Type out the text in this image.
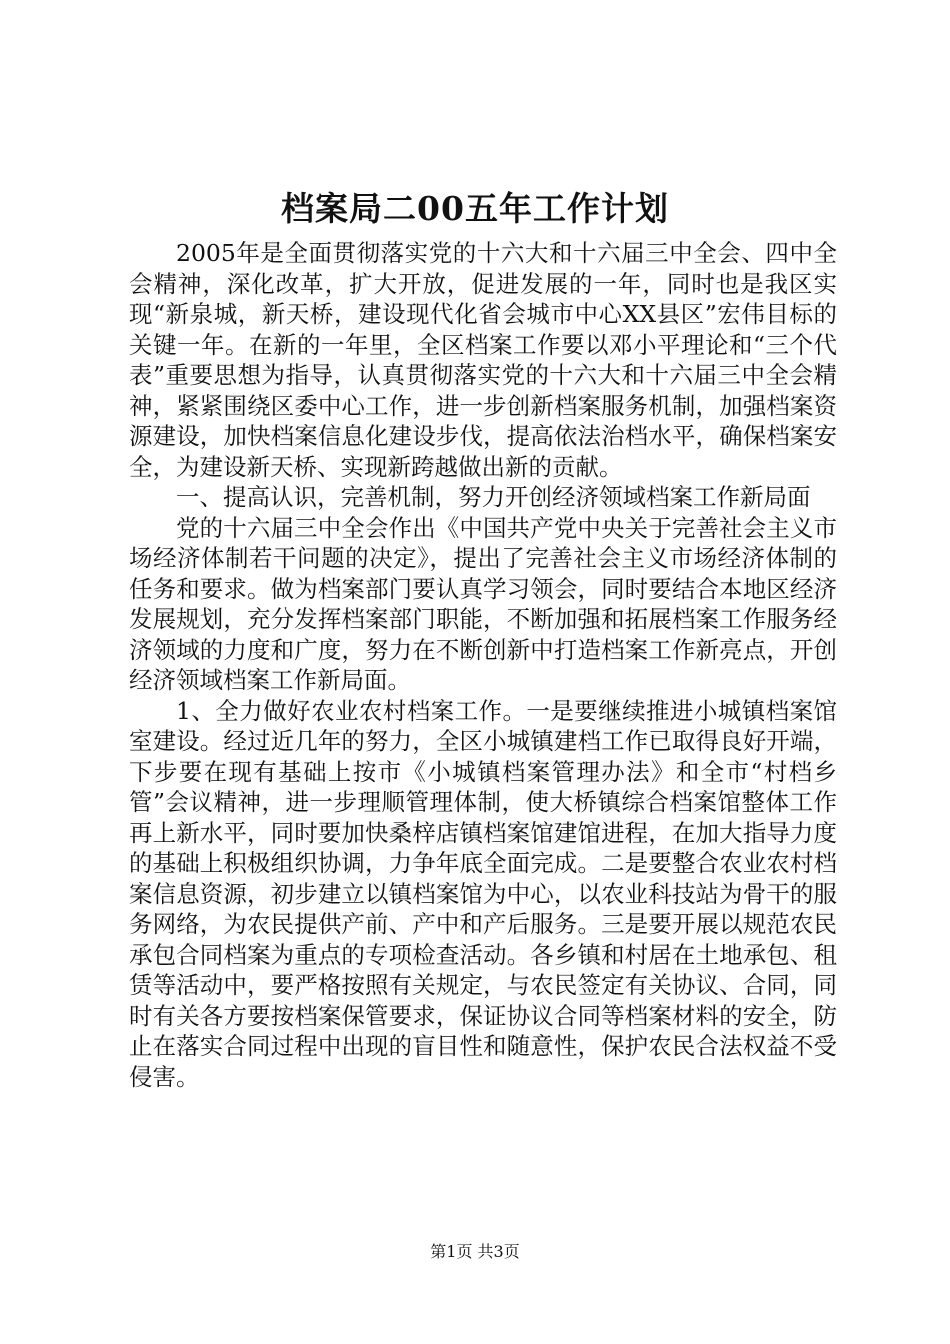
档案局二00五年工作计划

2005年是全面贯彻落实党的十六大和十六届三中全会、四中全会精神，深化改革，扩大开放，促进发展的一年，同时也是我区实现“新泉城，新天桥，建设现代化省会城市中心XX县区”宏伟目标的关键一年。在新的一年里，全区档案工作要以邓小平理论和“三个代表”重要思想为指导，认真贯彻落实党的十六大和十六届三中全会精神，紧紧围绕区委中心工作，进一步创新档案服务机制，加强档案资源建设，加快档案信息化建设步伐，提高依法治档水平，确保档案安全，为建设新天桥、实现新跨越做出新的贡献。

一、提高认识，完善机制，努力开创经济领域档案工作新局面

党的十六届三中全会作出《中国共产党中央关于完善社会主义市场经济体制若干问题的决定》，提出了完善社会主义市场经济体制的任务和要求。做为档案部门要认真学习领会，同时要结合本地区经济发展规划，充分发挥档案部门职能，不断加强和拓展档案工作服务经济领域的力度和广度，努力在不断创新中打造档案工作新亮点，开创经济领域档案工作新局面。

1、全力做好农业农村档案工作。一是要继续推进小城镇档案馆室建设。经过近几年的努力，全区小城镇建档工作已取得良好开端，下步要在现有基础上按市《小城镇档案管理办法》和全市“村档乡管”会议精神，进一步理顺管理体制，使大桥镇综合档案馆整体工作再上新水平，同时要加快桑梓店镇档案馆建馆进程，在加大指导力度的基础上积极组织协调，力争年底全面完成。二是要整合农业农村档案信息资源，初步建立以镇档案馆为中心，以农业科技站为骨干的服务网络，为农民提供产前、产中和产后服务。三是要开展以规范农民承包合同档案为重点的专项检查活动。各乡镇和村居在土地承包、租赁等活动中，要严格按照有关规定，与农民签定有关协议、合同，同时有关各方要按档案保管要求，保证协议合同等档案材料的安全，防止在落实合同过程中出现的盲目性和随意性，保护农民合法权益不受侵害。

第1页 共3页
